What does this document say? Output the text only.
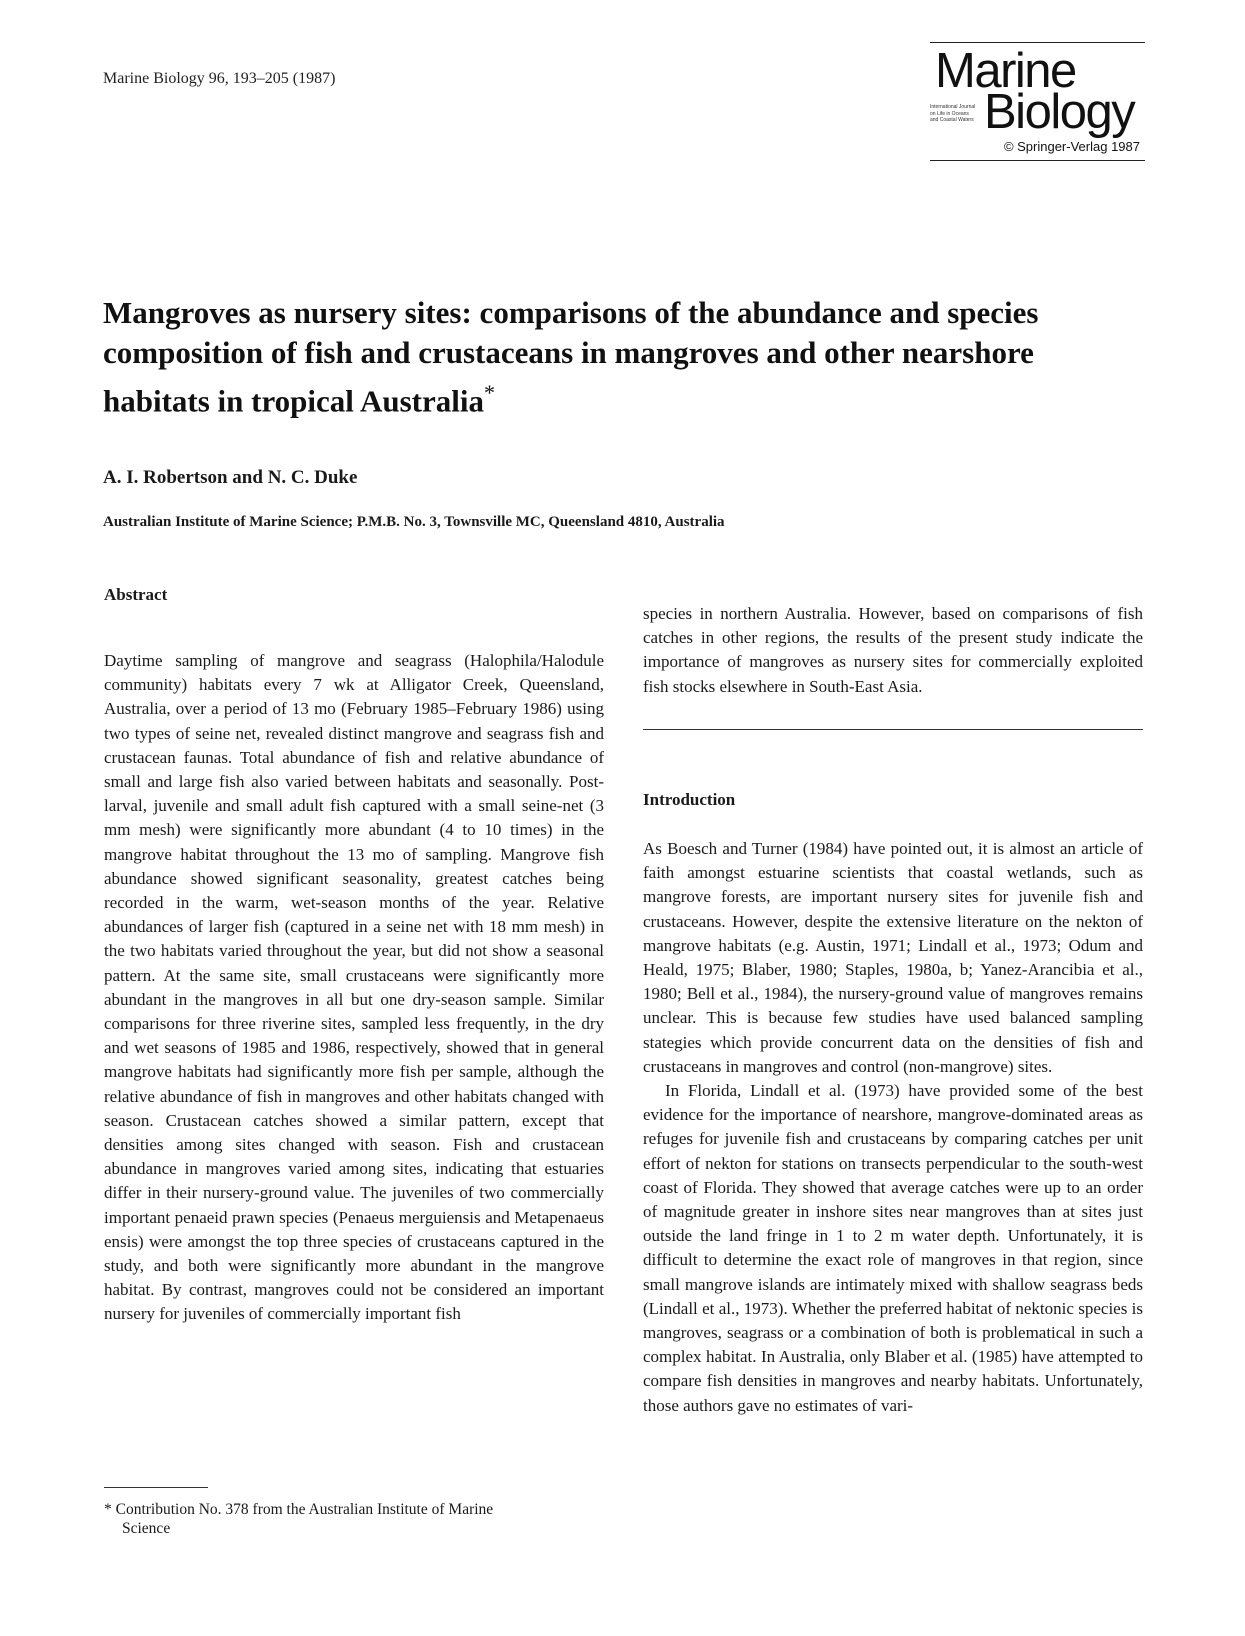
Marine Biology 96, 193–205 (1987)	Marine
International Journal
on Life in Oceans
and Coastal Waters Biology
© Springer-Verlag 1987
Mangroves as nursery sites: comparisons of the abundance and species composition of fish and crustaceans in mangroves and other nearshore habitats in tropical Australia*
A. I. Robertson and N. C. Duke
Australian Institute of Marine Science; P.M.B. No. 3, Townsville MC, Queensland 4810, Australia
Abstract

Daytime sampling of mangrove and seagrass (Halophila/Halodule community) habitats every 7 wk at Alligator Creek, Queensland, Australia, over a period of 13 mo (February 1985–February 1986) using two types of seine net, revealed distinct mangrove and seagrass fish and crustacean faunas. Total abundance of fish and relative abundance of small and large fish also varied between habitats and seasonally. Post-larval, juvenile and small adult fish captured with a small seine-net (3 mm mesh) were significantly more abundant (4 to 10 times) in the mangrove habitat throughout the 13 mo of sampling. Mangrove fish abundance showed significant seasonality, greatest catches being recorded in the warm, wet-season months of the year. Relative abundances of larger fish (captured in a seine net with 18 mm mesh) in the two habitats varied throughout the year, but did not show a seasonal pattern. At the same site, small crustaceans were significantly more abundant in the mangroves in all but one dry-season sample. Similar comparisons for three riverine sites, sampled less frequently, in the dry and wet seasons of 1985 and 1986, respectively, showed that in general mangrove habitats had significantly more fish per sample, although the relative abundance of fish in mangroves and other habitats changed with season. Crustacean catches showed a similar pattern, except that densities among sites changed with season. Fish and crustacean abundance in mangroves varied among sites, indicating that estuaries differ in their nursery-ground value. The juveniles of two commercially important penaeid prawn species (Penaeus merguiensis and Metapenaeus ensis) were amongst the top three species of crustaceans captured in the study, and both were significantly more abundant in the mangrove habitat. By contrast, mangroves could not be considered an important nursery for juveniles of commercially important fish

species in northern Australia. However, based on comparisons of fish catches in other regions, the results of the present study indicate the importance of mangroves as nursery sites for commercially exploited fish stocks elsewhere in South-East Asia.

Introduction

As Boesch and Turner (1984) have pointed out, it is almost an article of faith amongst estuarine scientists that coastal wetlands, such as mangrove forests, are important nursery sites for juvenile fish and crustaceans. However, despite the extensive literature on the nekton of mangrove habitats (e.g. Austin, 1971; Lindall et al., 1973; Odum and Heald, 1975; Blaber, 1980; Staples, 1980a, b; Yanez-Arancibia et al., 1980; Bell et al., 1984), the nursery-ground value of mangroves remains unclear. This is because few studies have used balanced sampling stategies which provide concurrent data on the densities of fish and crustaceans in mangroves and control (non-mangrove) sites.

In Florida, Lindall et al. (1973) have provided some of the best evidence for the importance of nearshore, mangrove-dominated areas as refuges for juvenile fish and crustaceans by comparing catches per unit effort of nekton for stations on transects perpendicular to the south-west coast of Florida. They showed that average catches were up to an order of magnitude greater in inshore sites near mangroves than at sites just outside the land fringe in 1 to 2 m water depth. Unfortunately, it is difficult to determine the exact role of mangroves in that region, since small mangrove islands are intimately mixed with shallow seagrass beds (Lindall et al., 1973). Whether the preferred habitat of nektonic species is mangroves, seagrass or a combination of both is problematical in such a complex habitat. In Australia, only Blaber et al. (1985) have attempted to compare fish densities in mangroves and nearby habitats. Unfortunately, those authors gave no estimates of vari-

* Contribution No. 378 from the Australian Institute of Marine
Science
